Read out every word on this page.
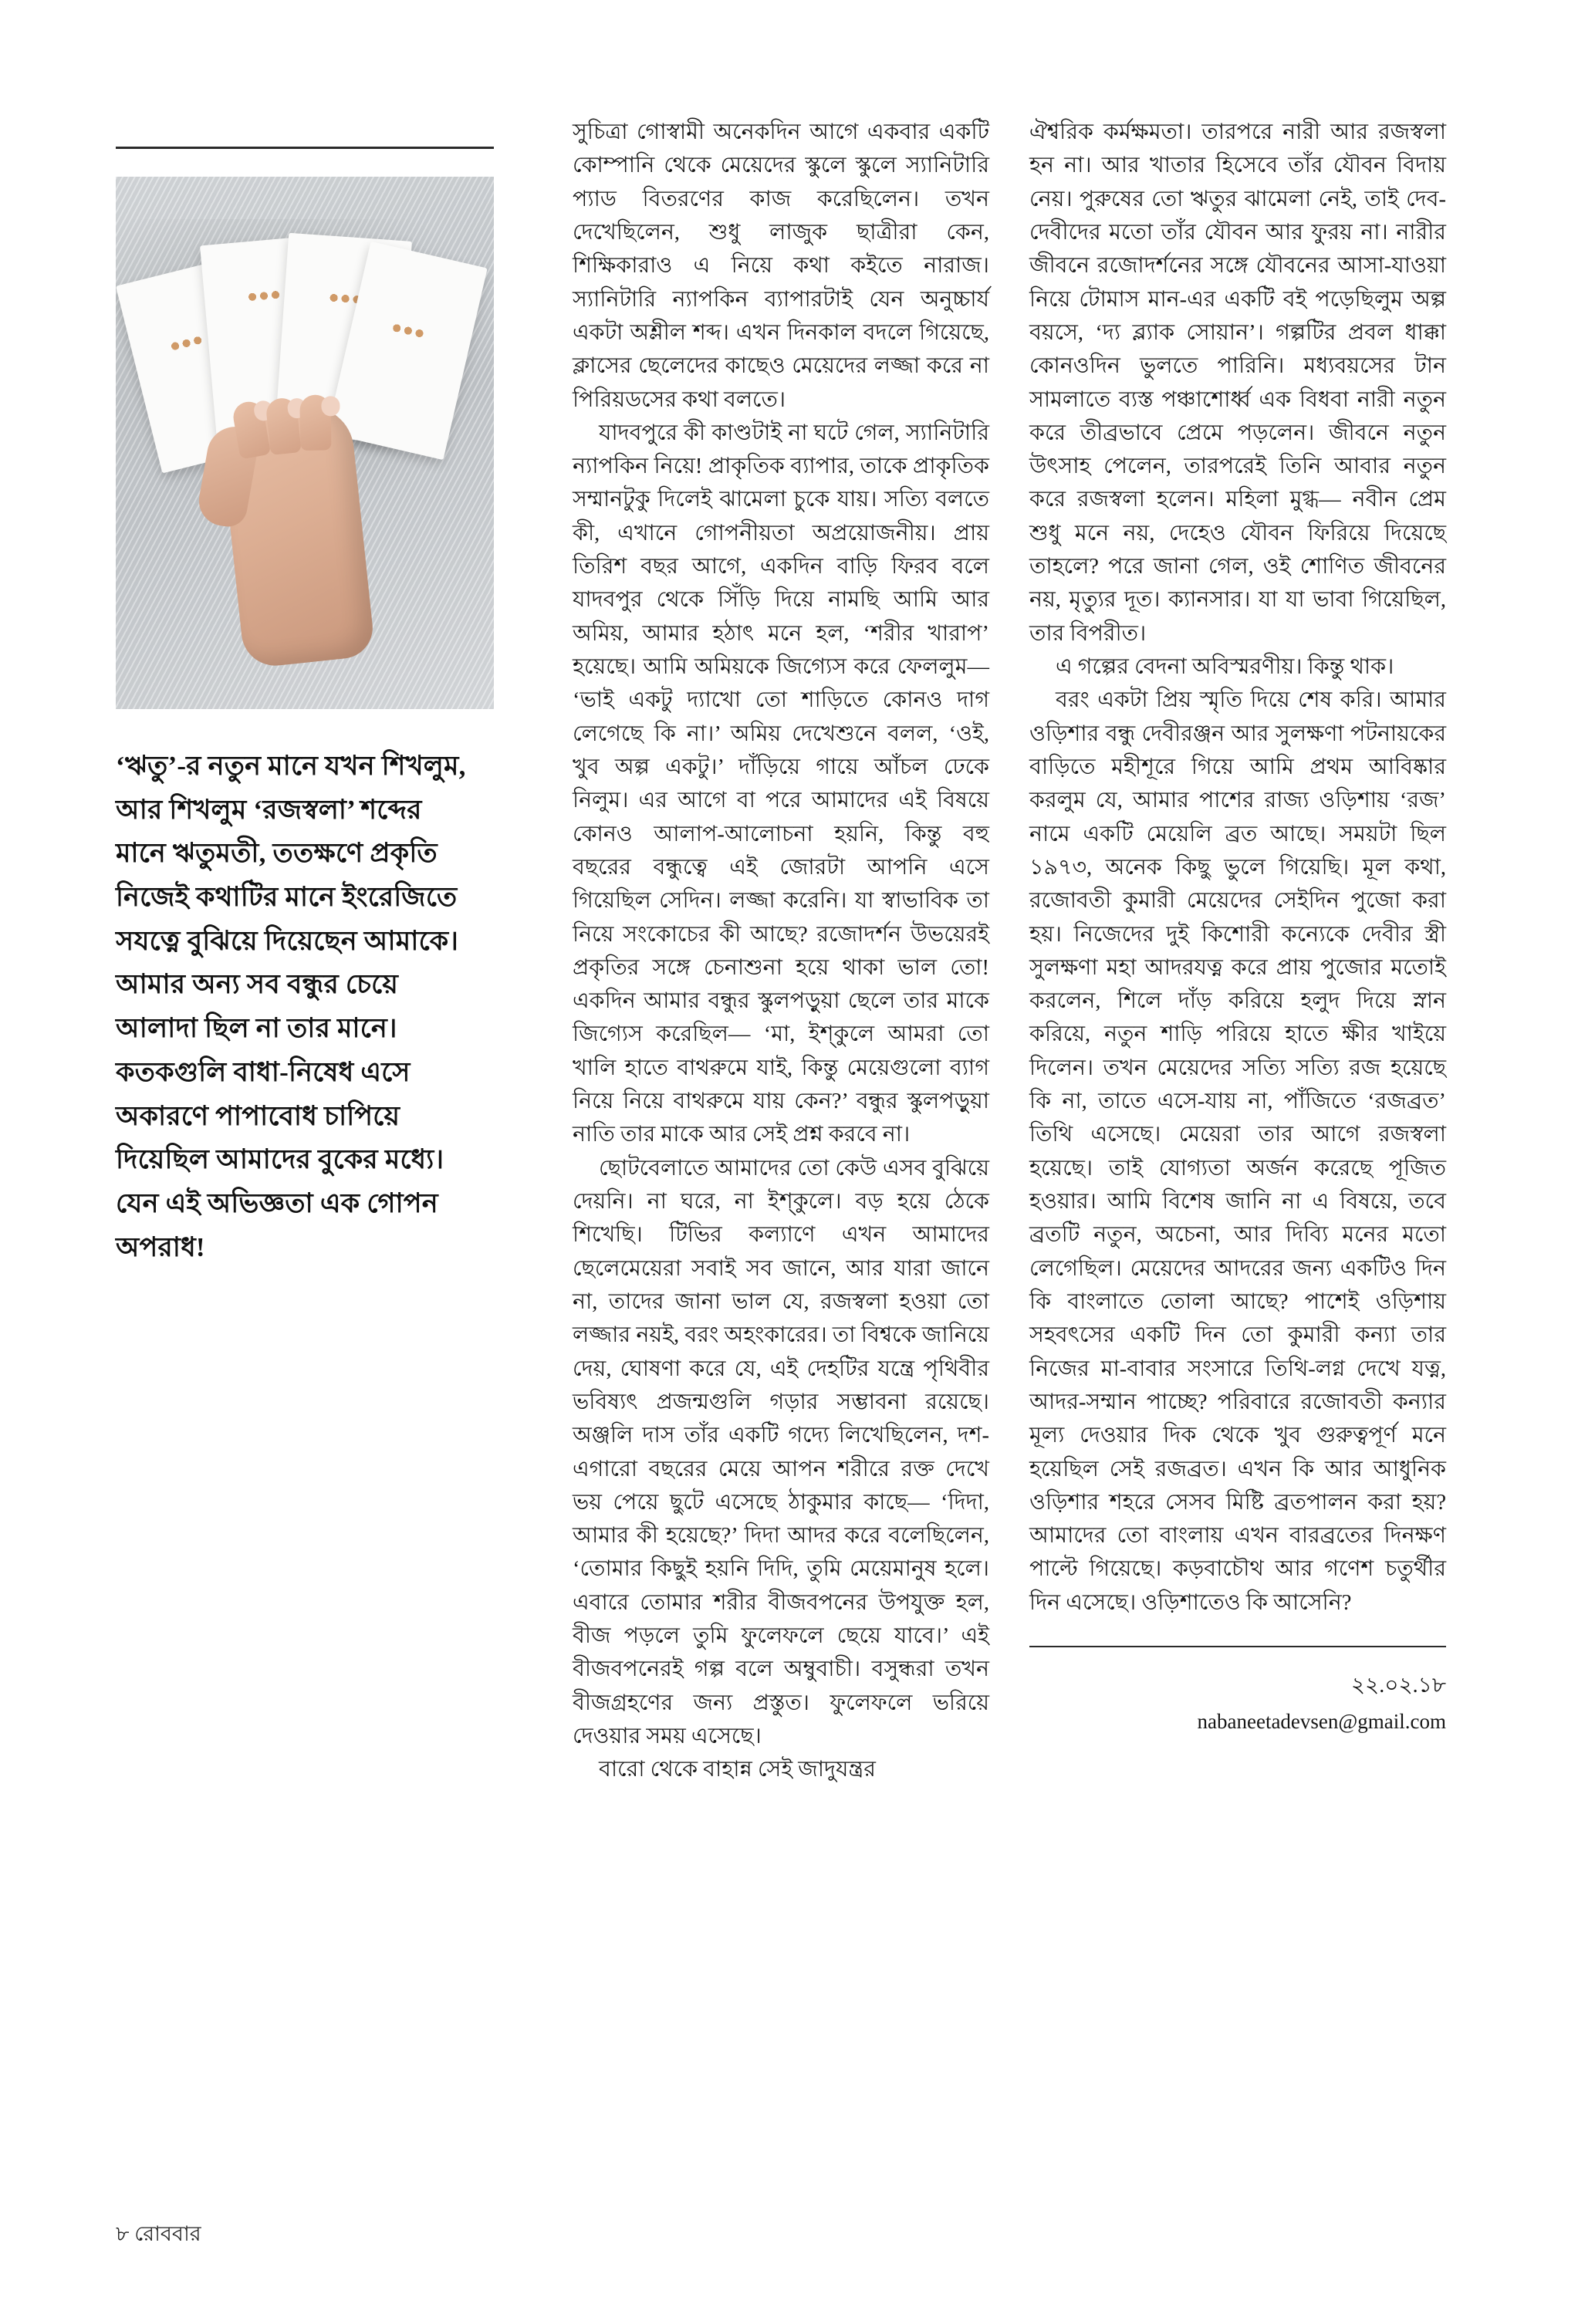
‘ঋতু’-র নতুন মানে যখন শিখলুম, আর শিখলুম ‘রজস্বলা’ শব্দের মানে ঋতুমতী, ততক্ষণে প্রকৃতি নিজেই কথাটির মানে ইংরেজিতে সযত্নে বুঝিয়ে দিয়েছেন আমাকে। আমার অন্য সব বন্ধুর চেয়ে আলাদা ছিল না তার মানে। কতকগুলি বাধা-নিষেধ এসে অকারণে পাপাবোধ চাপিয়ে দিয়েছিল আমাদের বুকের মধ্যে। যেন এই অভিজ্ঞতা এক গোপন অপরাধ!

সুচিত্রা গোস্বামী অনেকদিন আগে একবার একটি কোম্পানি থেকে মেয়েদের স্কুলে স্কুলে স্যানিটারি প্যাড বিতরণের কাজ করেছিলেন। তখন দেখেছিলেন, শুধু লাজুক ছাত্রীরা কেন, শিক্ষিকারাও এ নিয়ে কথা কইতে নারাজ। স্যানিটারি ন্যাপকিন ব্যাপারটাই যেন অনুচ্চার্য একটা অশ্লীল শব্দ। এখন দিনকাল বদলে গিয়েছে, ক্লাসের ছেলেদের কাছেও মেয়েদের লজ্জা করে না পিরিয়ডসের কথা বলতে।

যাদবপুরে কী কাণ্ডটাই না ঘটে গেল, স্যানিটারি ন্যাপকিন নিয়ে! প্রাকৃতিক ব্যাপার, তাকে প্রাকৃতিক সম্মানটুকু দিলেই ঝামেলা চুকে যায়। সত্যি বলতে কী, এখানে গোপনীয়তা অপ্রয়োজনীয়। প্রায় তিরিশ বছর আগে, একদিন বাড়ি ফিরব বলে যাদবপুর থেকে সিঁড়ি দিয়ে নামছি আমি আর অমিয়, আমার হঠাৎ মনে হল, ‘শরীর খারাপ’ হয়েছে। আমি অমিয়কে জিগ্যেস করে ফেললুম— ‘ভাই একটু দ্যাখো তো শাড়িতে কোনও দাগ লেগেছে কি না।’ অমিয় দেখেশুনে বলল, ‘ওই, খুব অল্প একটু।’ দাঁড়িয়ে গায়ে আঁচল ঢেকে নিলুম। এর আগে বা পরে আমাদের এই বিষয়ে কোনও আলাপ-আলোচনা হয়নি, কিন্তু বহু বছরের বন্ধুত্বে এই জোরটা আপনি এসে গিয়েছিল সেদিন। লজ্জা করেনি। যা স্বাভাবিক তা নিয়ে সংকোচের কী আছে? রজোদর্শন উভয়েরই প্রকৃতির সঙ্গে চেনাশুনা হয়ে থাকা ভাল তো! একদিন আমার বন্ধুর স্কুলপড়ুয়া ছেলে তার মাকে জিগ্যেস করেছিল— ‘মা, ইশ্‌কুলে আমরা তো খালি হাতে বাথরুমে যাই, কিন্তু মেয়েগুলো ব্যাগ নিয়ে নিয়ে বাথরুমে যায় কেন?’ বন্ধুর স্কুলপড়ুয়া নাতি তার মাকে আর সেই প্রশ্ন করবে না।

ছোটবেলাতে আমাদের তো কেউ এসব বুঝিয়ে দেয়নি। না ঘরে, না ইশ্‌কুলে। বড় হয়ে ঠেকে শিখেছি। টিভির কল্যাণে এখন আমাদের ছেলেমেয়েরা সবাই সব জানে, আর যারা জানে না, তাদের জানা ভাল যে, রজস্বলা হওয়া তো লজ্জার নয়ই, বরং অহংকারের। তা বিশ্বকে জানিয়ে দেয়, ঘোষণা করে যে, এই দেহটির যন্ত্রে পৃথিবীর ভবিষ্যৎ প্রজন্মগুলি গড়ার সম্ভাবনা রয়েছে। অঞ্জলি দাস তাঁর একটি গদ্যে লিখেছিলেন, দশ-এগারো বছরের মেয়ে আপন শরীরে রক্ত দেখে ভয় পেয়ে ছুটে এসেছে ঠাকুমার কাছে— ‘দিদা, আমার কী হয়েছে?’ দিদা আদর করে বলেছিলেন, ‘তোমার কিছুই হয়নি দিদি, তুমি মেয়েমানুষ হলে। এবারে তোমার শরীর বীজবপনের উপযুক্ত হল, বীজ পড়লে তুমি ফুলেফলে ছেয়ে যাবে।’ এই বীজবপনেরই গল্প বলে অম্বুবাচী। বসুন্ধরা তখন বীজগ্রহণের জন্য প্রস্তুত। ফুলেফলে ভরিয়ে দেওয়ার সময় এসেছে।

বারো থেকে বাহান্ন সেই জাদুযন্ত্রর

ঐশ্বরিক কর্মক্ষমতা। তারপরে নারী আর রজস্বলা হন না। আর খাতার হিসেবে তাঁর যৌবন বিদায় নেয়। পুরুষের তো ঋতুর ঝামেলা নেই, তাই দেব-দেবীদের মতো তাঁর যৌবন আর ফুরয় না। নারীর জীবনে রজোদর্শনের সঙ্গে যৌবনের আসা-যাওয়া নিয়ে টোমাস মান-এর একটি বই পড়েছিলুম অল্প বয়সে, ‘দ্য ব্ল্যাক সোয়ান’। গল্পটির প্রবল ধাক্কা কোনওদিন ভুলতে পারিনি। মধ্যবয়সের টান সামলাতে ব্যস্ত পঞ্চাশোর্ধ্ব এক বিধবা নারী নতুন করে তীব্রভাবে প্রেমে পড়লেন। জীবনে নতুন উৎসাহ পেলেন, তারপরেই তিনি আবার নতুন করে রজস্বলা হলেন। মহিলা মুগ্ধ— নবীন প্রেম শুধু মনে নয়, দেহেও যৌবন ফিরিয়ে দিয়েছে তাহলে? পরে জানা গেল, ওই শোণিত জীবনের নয়, মৃত্যুর দূত। ক্যানসার। যা যা ভাবা গিয়েছিল, তার বিপরীত।

এ গল্পের বেদনা অবিস্মরণীয়। কিন্তু থাক।

বরং একটা প্রিয় স্মৃতি দিয়ে শেষ করি। আমার ওড়িশার বন্ধু দেবীরঞ্জন আর সুলক্ষণা পটনায়কের বাড়িতে মহীশূরে গিয়ে আমি প্রথম আবিষ্কার করলুম যে, আমার পাশের রাজ্য ওড়িশায় ‘রজ’ নামে একটি মেয়েলি ব্রত আছে। সময়টা ছিল ১৯৭৩, অনেক কিছু ভুলে গিয়েছি। মূল কথা, রজোবতী কুমারী মেয়েদের সেইদিন পুজো করা হয়। নিজেদের দুই কিশোরী কন্যেকে দেবীর স্ত্রী সুলক্ষণা মহা আদরযত্ন করে প্রায় পুজোর মতোই করলেন, শিলে দাঁড় করিয়ে হলুদ দিয়ে স্নান করিয়ে, নতুন শাড়ি পরিয়ে হাতে ক্ষীর খাইয়ে দিলেন। তখন মেয়েদের সত্যি সত্যি রজ হয়েছে কি না, তাতে এসে-যায় না, পাঁজিতে ‘রজব্রত’ তিথি এসেছে। মেয়েরা তার আগে রজস্বলা হয়েছে। তাই যোগ্যতা অর্জন করেছে পূজিত হওয়ার। আমি বিশেষ জানি না এ বিষয়ে, তবে ব্রতটি নতুন, অচেনা, আর দিব্যি মনের মতো লেগেছিল। মেয়েদের আদরের জন্য একটিও দিন কি বাংলাতে তোলা আছে? পাশেই ওড়িশায় সহবৎসের একটি দিন তো কুমারী কন্যা তার নিজের মা-বাবার সংসারে তিথি-লগ্ন দেখে যত্ন, আদর-সম্মান পাচ্ছে? পরিবারে রজোবতী কন্যার মূল্য দেওয়ার দিক থেকে খুব গুরুত্বপূর্ণ মনে হয়েছিল সেই রজব্রত। এখন কি আর আধুনিক ওড়িশার শহরে সেসব মিষ্টি ব্রতপালন করা হয়? আমাদের তো বাংলায় এখন বারব্রতের দিনক্ষণ পাল্টে গিয়েছে। কড়বাচৌথ আর গণেশ চতুর্থীর দিন এসেছে। ওড়িশাতেও কি আসেনি?

২২.০২.১৮
nabaneetadevsen@gmail.com
৮ রোববার
